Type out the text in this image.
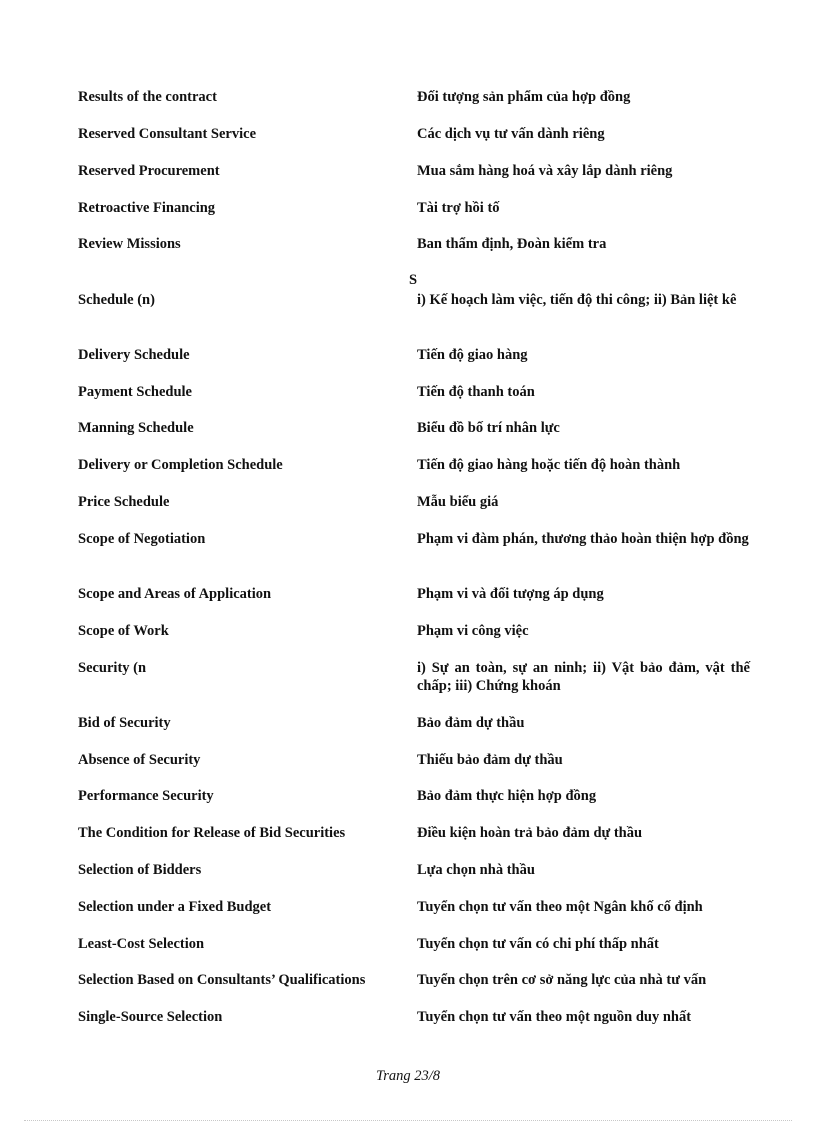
Results of the contract	Đối tượng sản phẩm của hợp đồng
Reserved Consultant Service	Các dịch vụ tư vấn dành riêng
Reserved Procurement	Mua sắm hàng hoá và xây lắp dành riêng
Retroactive Financing	Tài trợ hồi tố
Review Missions	Ban thẩm định, Đoàn kiểm tra
S
Schedule (n)	i) Kế hoạch làm việc, tiến độ thi công; ii) Bản liệt kê
Delivery Schedule	Tiến độ giao hàng
Payment Schedule	Tiến độ thanh toán
Manning Schedule	Biểu đồ bố trí nhân lực
Delivery or Completion Schedule	Tiến độ giao hàng hoặc tiến độ hoàn thành
Price Schedule	Mẫu biểu giá
Scope of Negotiation	Phạm vi đàm phán, thương thảo hoàn thiện hợp đồng
Scope and Areas of Application	Phạm vi và đối tượng áp dụng
Scope of Work	Phạm vi công việc
Security (n	i) Sự an toàn, sự an ninh; ii) Vật bảo đảm, vật thế chấp; iii) Chứng khoán
Bid of Security	Bảo đảm dự thầu
Absence of Security	Thiếu bảo đảm dự thầu
Performance Security	Bảo đảm thực hiện hợp đồng
The Condition for Release of Bid Securities	Điều kiện hoàn trả bảo đảm dự thầu
Selection of Bidders	Lựa chọn nhà thầu
Selection under a Fixed Budget	Tuyển chọn tư vấn theo một Ngân khố cố định
Least-Cost Selection	Tuyển chọn tư vấn có chi phí thấp nhất
Selection Based on Consultants’ Qualifications	Tuyển chọn trên cơ sở năng lực của nhà tư vấn
Single-Source Selection	Tuyển chọn tư vấn theo một nguồn duy nhất
Trang 23/8
